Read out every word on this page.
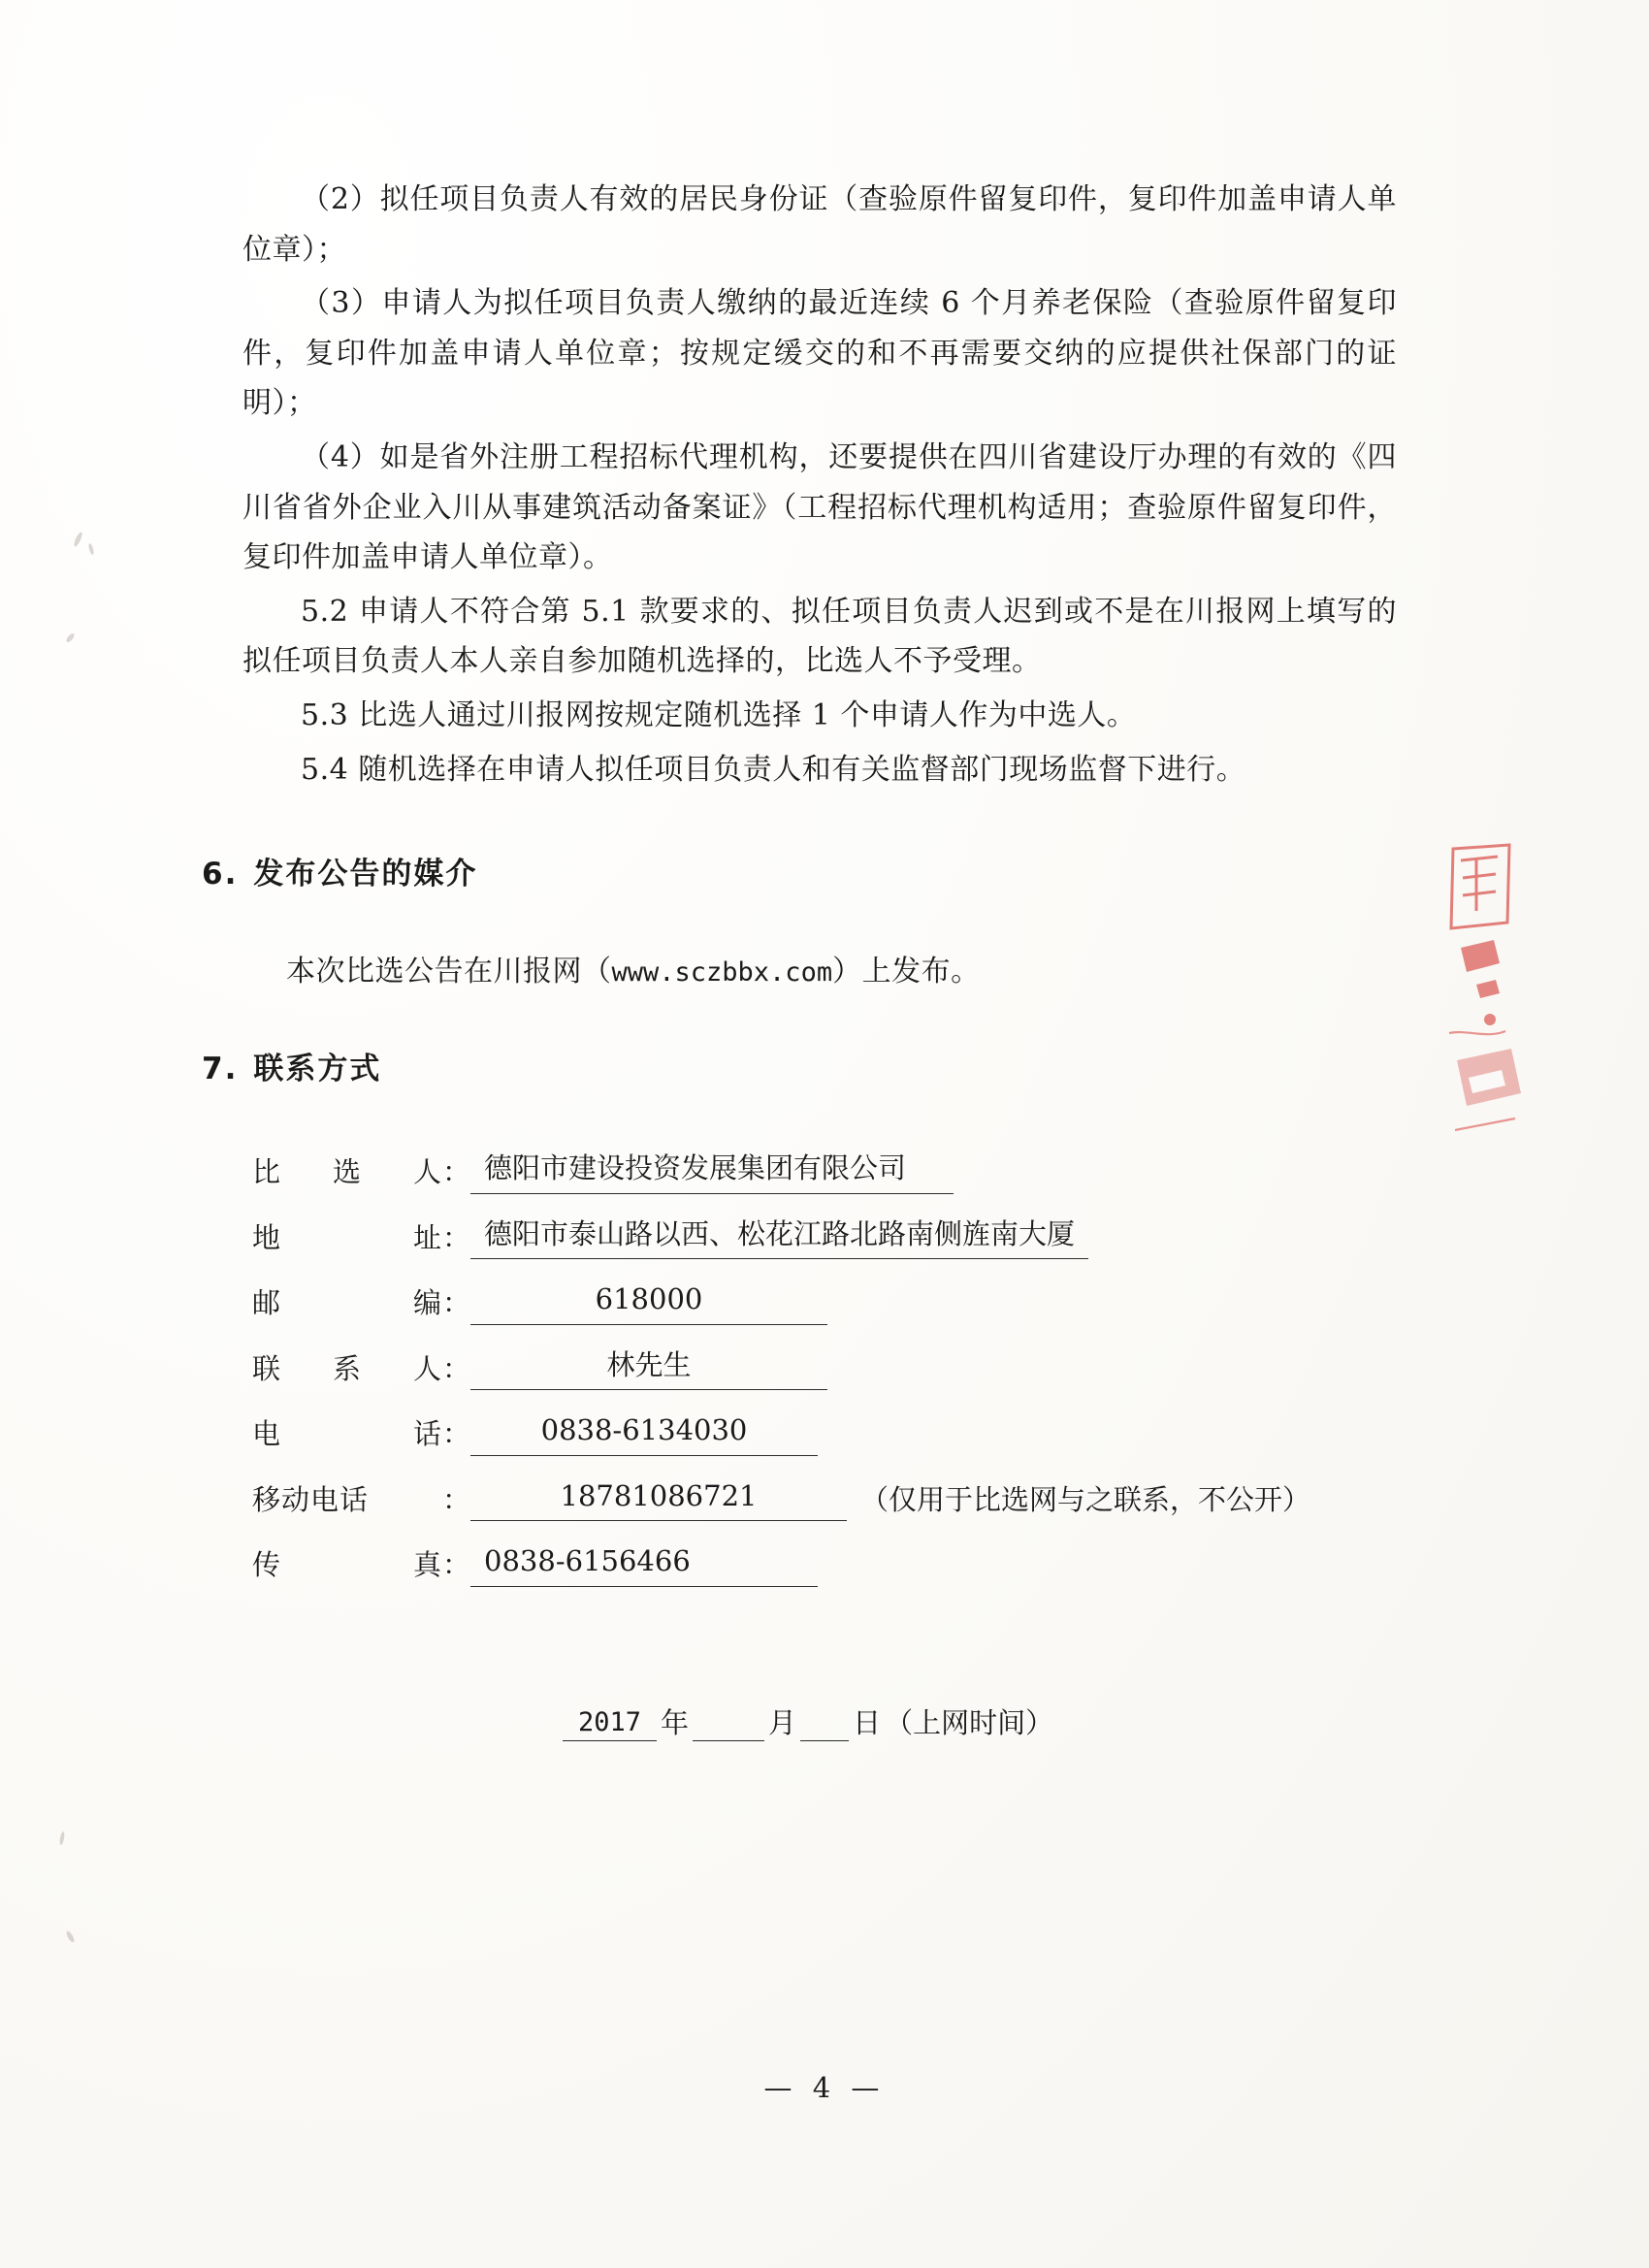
（2）拟任项目负责人有效的居民身份证（查验原件留复印件，复印件加盖申请人单位章）；

（3）申请人为拟任项目负责人缴纳的最近连续 6 个月养老保险（查验原件留复印件，复印件加盖申请人单位章；按规定缓交的和不再需要交纳的应提供社保部门的证明）；

（4）如是省外注册工程招标代理机构，还要提供在四川省建设厅办理的有效的《四川省省外企业入川从事建筑活动备案证》（工程招标代理机构适用；查验原件留复印件，复印件加盖申请人单位章）。

5.2 申请人不符合第 5.1 款要求的、拟任项目负责人迟到或不是在川报网上填写的拟任项目负责人本人亲自参加随机选择的，比选人不予受理。

5.3 比选人通过川报网按规定随机选择 1 个申请人作为中选人。

5.4 随机选择在申请人拟任项目负责人和有关监督部门现场监督下进行。

6. 发布公告的媒介
本次比选公告在川报网（www.sczbbx.com）上发布。
7. 联系方式
比 选 人 ： 德阳市建设投资发展集团有限公司
地	址 ： 德阳市泰山路以西、松花江路北路南侧旌南大厦
邮	编 ：	618000
联 系 人 ：	林先生
电	话 ：	0838-6134030
移动电话	：	18781086721	（仅用于比选网与之联系，不公开）
传	真 ： 0838-6156466
2017 年	月 日 （上网时间）
— 4 —
